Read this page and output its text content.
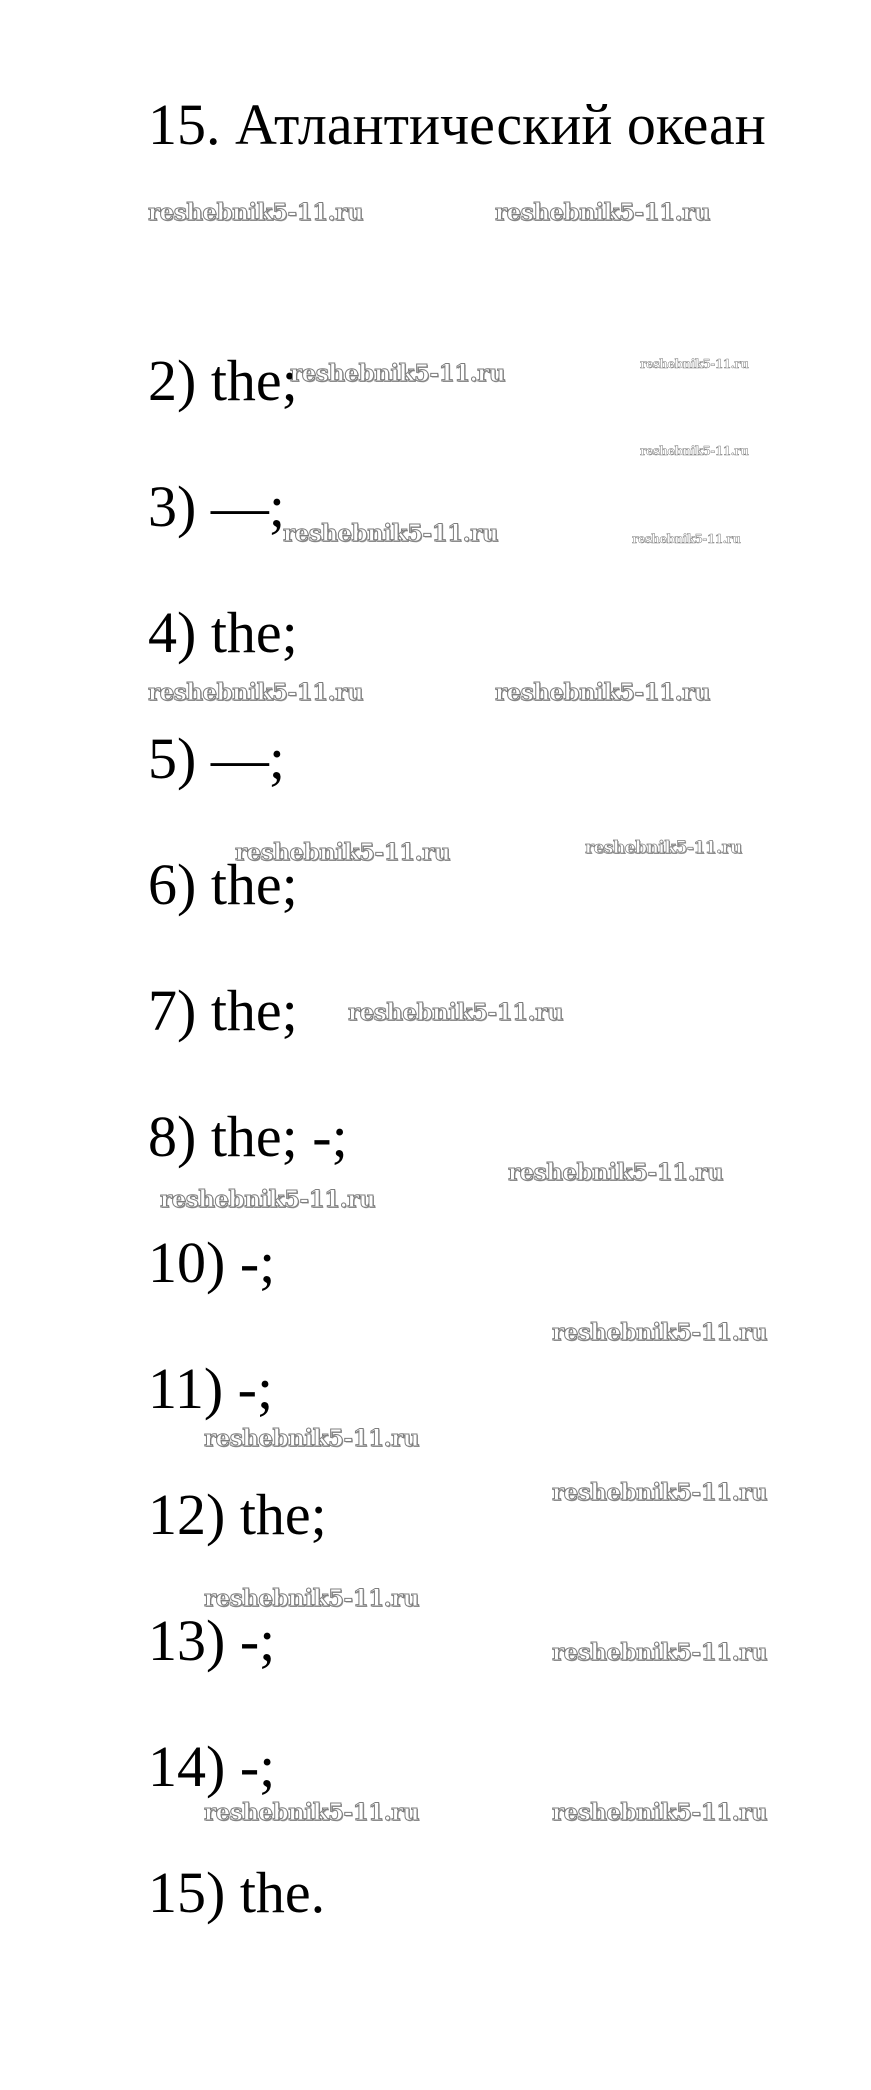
15. Атлантический океан
2) the;
3) —;
4) the;
5) —;
6) the;
7) the;
8) the; -;
10) -;
11) -;
12) the;
13) -;
14) -;
15) the.
reshebnik5-11.ru	reshebnik5-11.ru
reshebnik5-11.ru	reshebnik5-11.ru
reshebnik5-11.ru
reshebnik5-11.ru	reshebnik5-11.ru
reshebnik5-11.ru	reshebnik5-11.ru
reshebnik5-11.ru	reshebnik5-11.ru
reshebnik5-11.ru
reshebnik5-11.ru
reshebnik5-11.ru
reshebnik5-11.ru
reshebnik5-11.ru
reshebnik5-11.ru
reshebnik5-11.ru
reshebnik5-11.ru
reshebnik5-11.ru	reshebnik5-11.ru
